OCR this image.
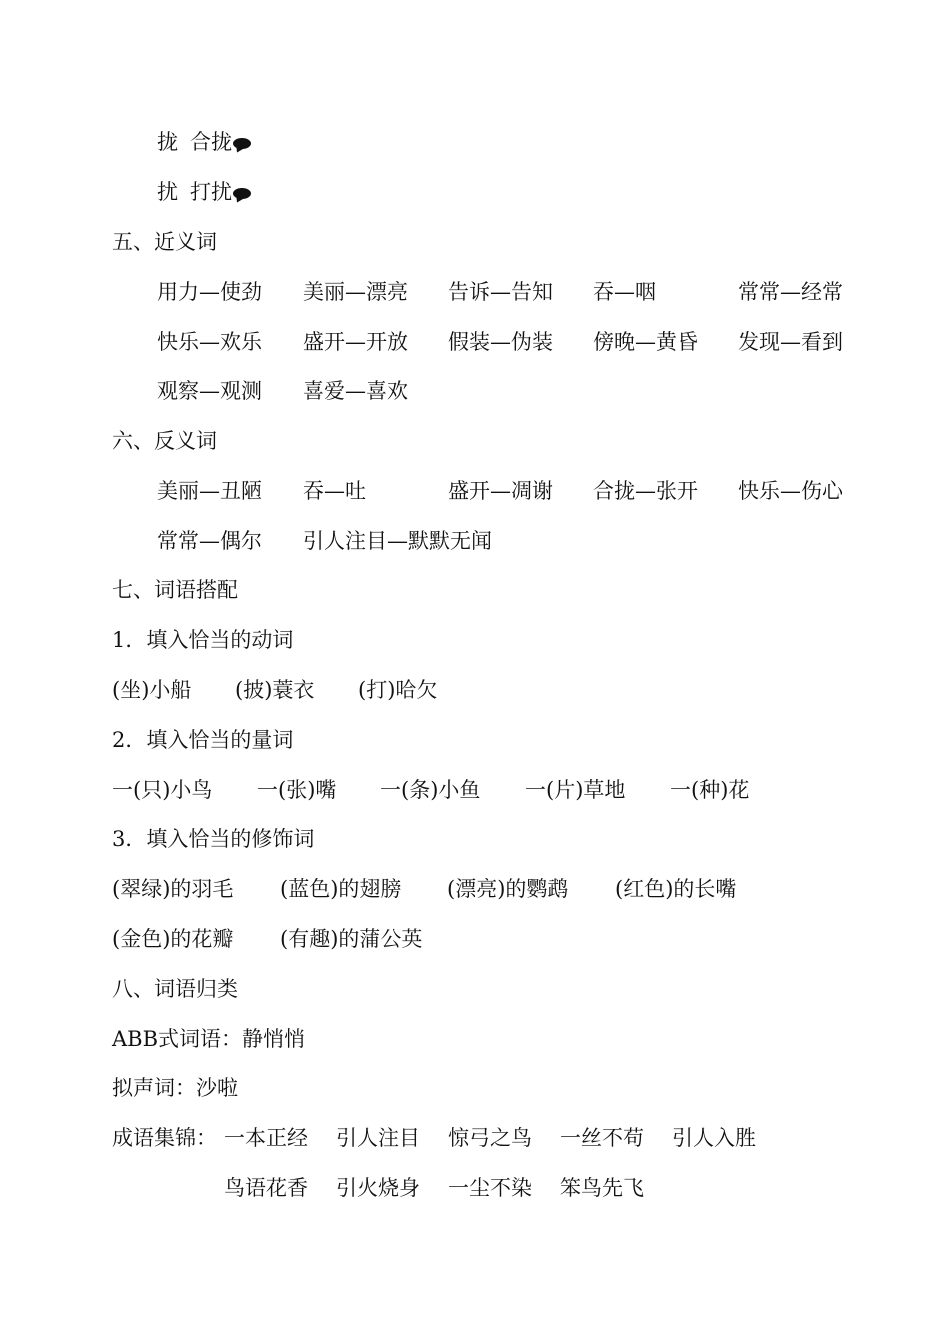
拢 合拢
扰 打扰
五、近义词
用力—使劲 美丽—漂亮 告诉—告知 吞—咽	常常—经常
快乐—欢乐 盛开—开放 假装—伪装 傍晚—黄昏 发现—看到
观察—观测 喜爱—喜欢
六、反义词
美丽—丑陋 吞—吐	盛开—凋谢 合拢—张开 快乐—伤心
常常—偶尔 引人注目—默默无闻
七、词语搭配
1．填入恰当的动词
(坐)小船 (披)蓑衣 (打)哈欠
2．填入恰当的量词
一(只)小鸟 一(张)嘴 一(条)小鱼 一(片)草地 一(种)花
3．填入恰当的修饰词
(翠绿)的羽毛 (蓝色)的翅膀 (漂亮)的鹦鹉 (红色)的长嘴
(金色)的花瓣 (有趣)的蒲公英
八、词语归类
ABB式词语：静悄悄
拟声词：沙啦
成语集锦： 一本正经 引人注目 惊弓之鸟 一丝不苟 引人入胜
鸟语花香 引火烧身 一尘不染 笨鸟先飞
